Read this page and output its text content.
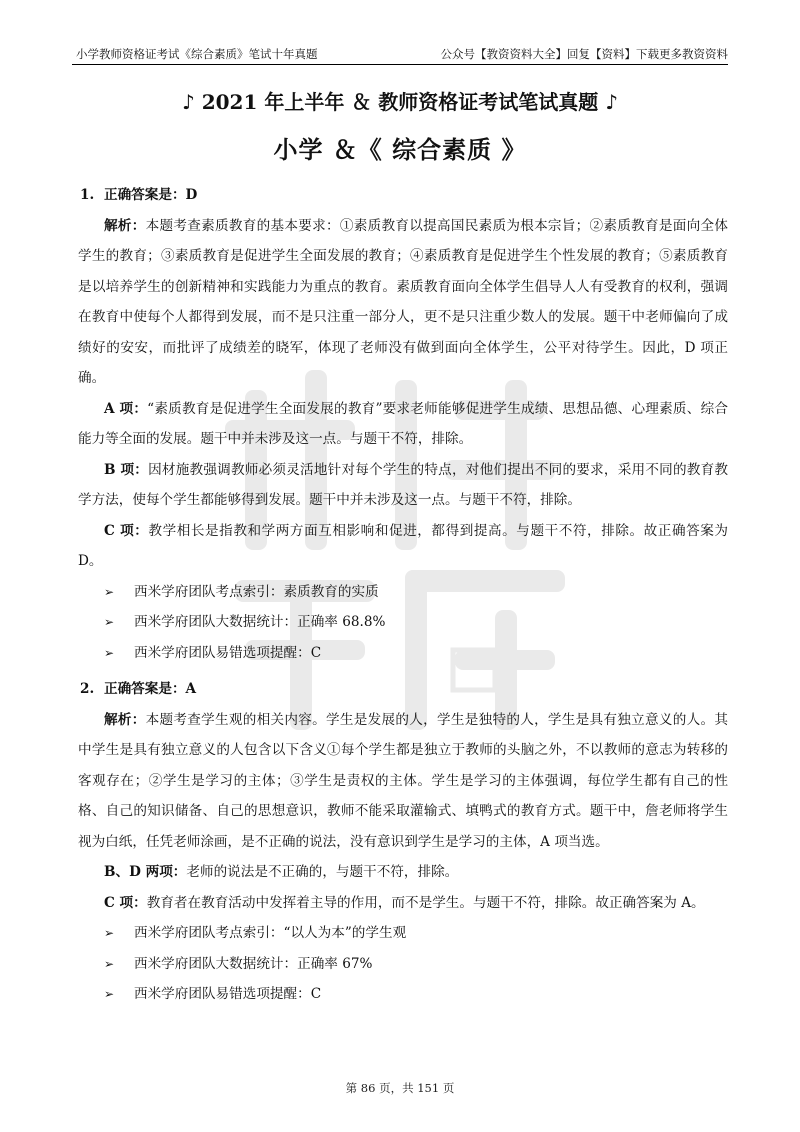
小学教师资格证考试《综合素质》笔试十年真题	公众号【教资资料大全】回复【资料】下载更多教资资料
♪ 2021 年上半年 ＆ 教师资格证考试笔试真题 ♪
小学 ＆《 综合素质 》
1. 正确答案是：D

解析：本题考查素质教育的基本要求：①素质教育以提高国民素质为根本宗旨；②素质教育是面向全体学生的教育；③素质教育是促进学生全面发展的教育；④素质教育是促进学生个性发展的教育；⑤素质教育是以培养学生的创新精神和实践能力为重点的教育。素质教育面向全体学生倡导人人有受教育的权利，强调在教育中使每个人都得到发展，而不是只注重一部分人，更不是只注重少数人的发展。题干中老师偏向了成绩好的安安，而批评了成绩差的晓军，体现了老师没有做到面向全体学生，公平对待学生。因此，D 项正确。

A 项：“素质教育是促进学生全面发展的教育”要求老师能够促进学生成绩、思想品德、心理素质、综合能力等全面的发展。题干中并未涉及这一点。与题干不符，排除。

B 项：因材施教强调教师必须灵活地针对每个学生的特点，对他们提出不同的要求，采用不同的教育教学方法，使每个学生都能够得到发展。题干中并未涉及这一点。与题干不符，排除。

C 项：教学相长是指教和学两方面互相影响和促进，都得到提高。与题干不符，排除。故正确答案为 D。

➢ 西米学府团队考点索引：素质教育的实质
➢ 西米学府团队大数据统计：正确率 68.8%
➢ 西米学府团队易错选项提醒：C
2. 正确答案是：A

解析：本题考查学生观的相关内容。学生是发展的人，学生是独特的人，学生是具有独立意义的人。其中学生是具有独立意义的人包含以下含义①每个学生都是独立于教师的头脑之外，不以教师的意志为转移的客观存在；②学生是学习的主体；③学生是责权的主体。学生是学习的主体强调，每位学生都有自己的性格、自己的知识储备、自己的思想意识，教师不能采取灌输式、填鸭式的教育方式。题干中，詹老师将学生视为白纸，任凭老师涂画，是不正确的说法，没有意识到学生是学习的主体，A 项当选。

B、D 两项：老师的说法是不正确的，与题干不符，排除。

C 项：教育者在教育活动中发挥着主导的作用，而不是学生。与题干不符，排除。故正确答案为 A。

➢ 西米学府团队考点索引：“以人为本”的学生观
➢ 西米学府团队大数据统计：正确率 67%
➢ 西米学府团队易错选项提醒：C
第 86 页，共 151 页
